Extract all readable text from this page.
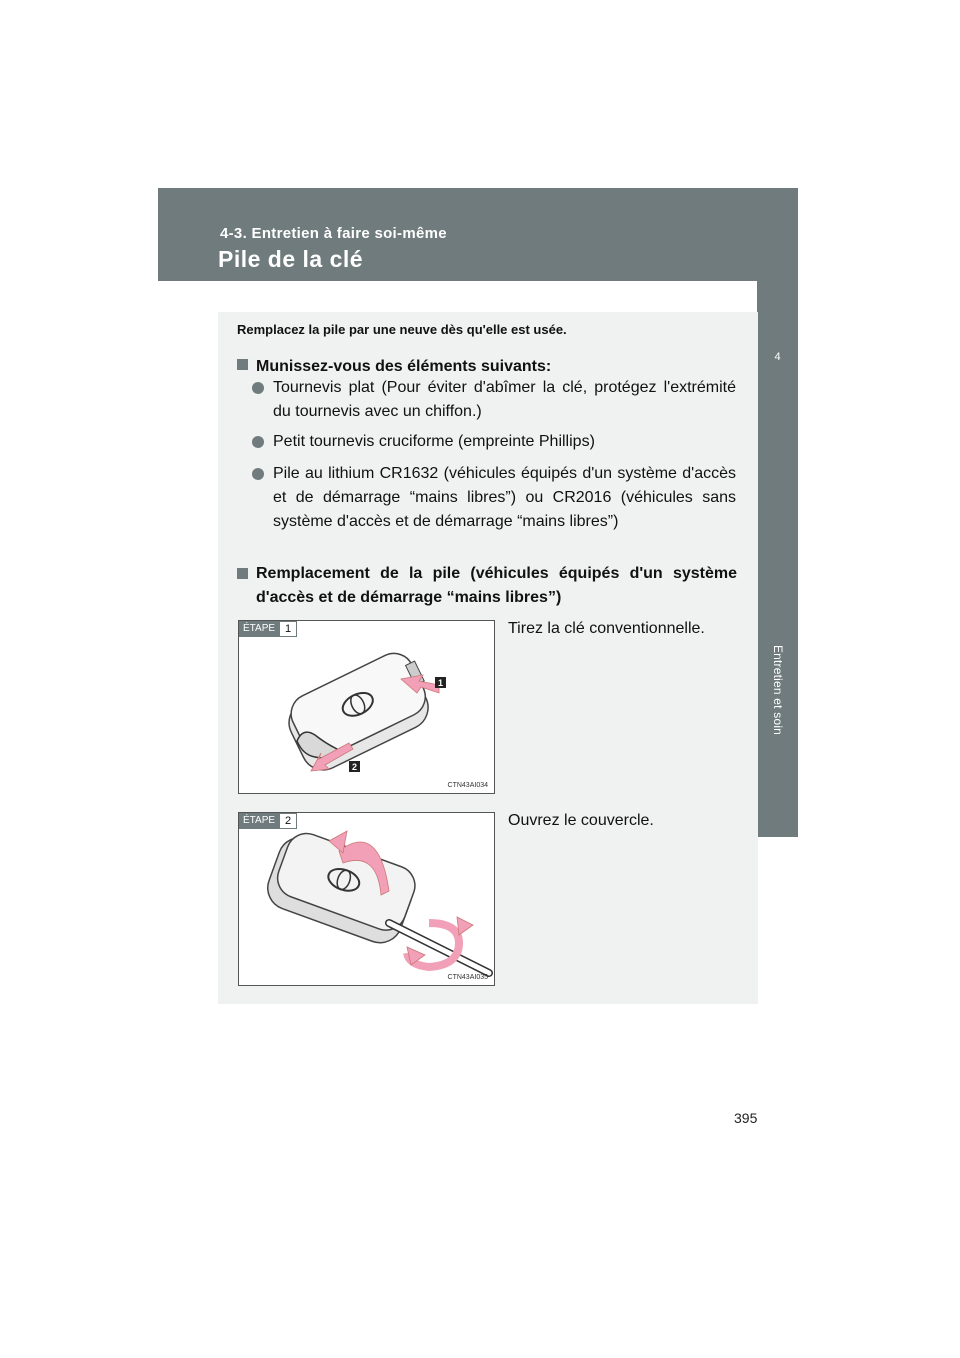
4-3. Entretien à faire soi-même
Pile de la clé
4
Entretien et soin
Remplacez la pile par une neuve dès qu'elle est usée.
Munissez-vous des éléments suivants:
Tournevis plat (Pour éviter d'abîmer la clé, protégez l'extrémité du tournevis avec un chiffon.)
Petit tournevis cruciforme (empreinte Phillips)
Pile au lithium CR1632 (véhicules équipés d'un système d'accès et de démarrage “mains libres”) ou CR2016 (véhicules sans système d'accès et de démarrage “mains libres”)
Remplacement de la pile (véhicules équipés d'un système d'accès et de démarrage “mains libres”)
ÉTAPE 1
1
2
CTN43AI034
Tirez la clé conventionnelle.
ÉTAPE 2
CTN43AI035
Ouvrez le couvercle.
395
